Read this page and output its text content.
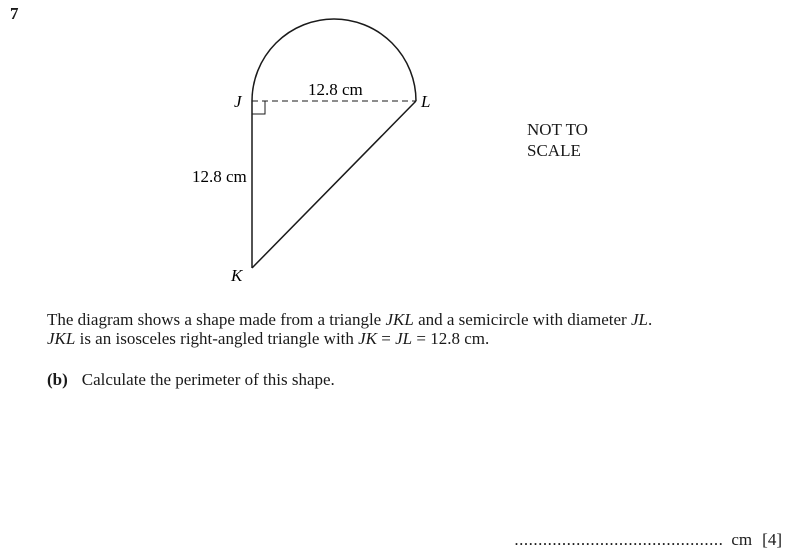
7
J	L
K
12.8 cm
12.8 cm
NOT TO
SCALE
The diagram shows a shape made from a triangle JKL and a semicircle with diameter JL.
JKL is an isosceles right-angled triangle with JK = JL = 12.8 cm.
(b) Calculate the perimeter of this shape.
............................................ cm [4]
